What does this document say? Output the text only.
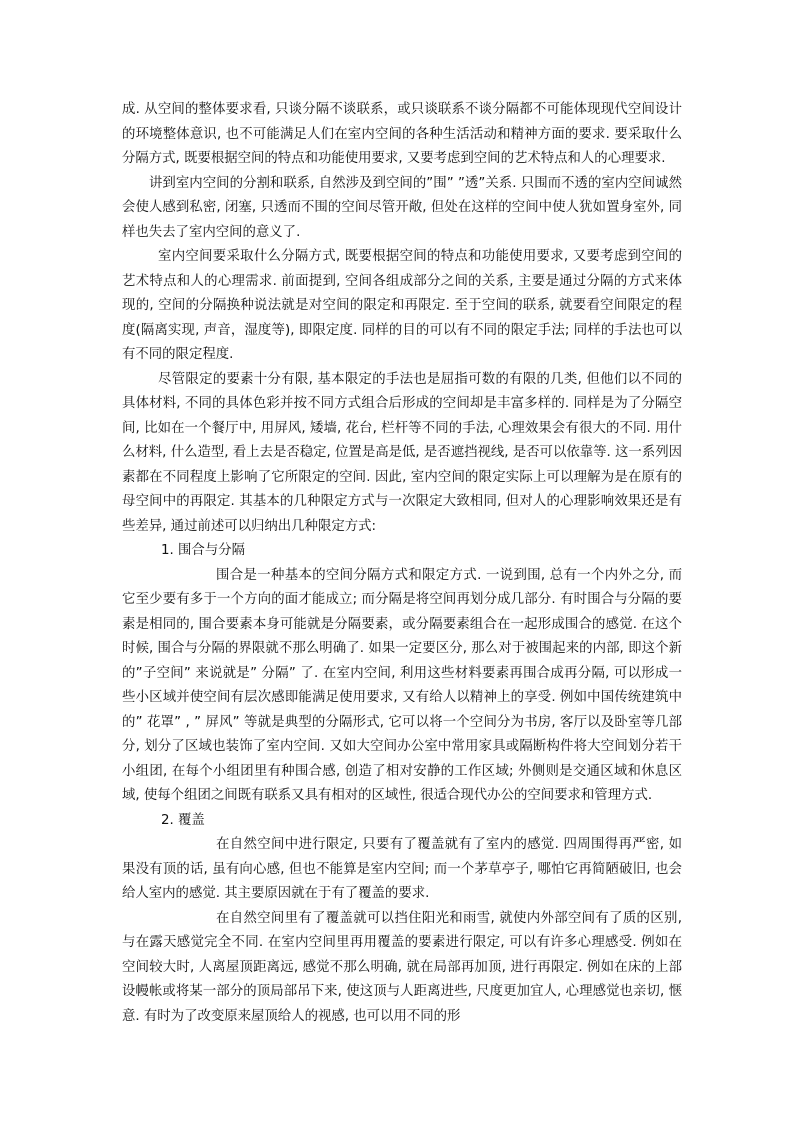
成. 从空间的整体要求看, 只谈分隔不谈联系，或只谈联系不谈分隔都不可能体现现代空间设计的环境整体意识, 也不可能满足人们在室内空间的各种生活活动和精神方面的要求. 要采取什么分隔方式, 既要根据空间的特点和功能使用要求, 又要考虑到空间的艺术特点和人的心理要求.

讲到室内空间的分割和联系, 自然涉及到空间的”围” ”透”关系. 只围而不透的室内空间诚然会使人感到私密, 闭塞, 只透而不围的空间尽管开敞, 但处在这样的空间中使人犹如置身室外, 同样也失去了室内空间的意义了.

室内空间要采取什么分隔方式, 既要根据空间的特点和功能使用要求, 又要考虑到空间的艺术特点和人的心理需求. 前面提到, 空间各组成部分之间的关系, 主要是通过分隔的方式来体现的, 空间的分隔换种说法就是对空间的限定和再限定. 至于空间的联系, 就要看空间限定的程度(隔离实现, 声音，湿度等), 即限定度. 同样的目的可以有不同的限定手法; 同样的手法也可以有不同的限定程度.

尽管限定的要素十分有限, 基本限定的手法也是屈指可数的有限的几类, 但他们以不同的具体材料, 不同的具体色彩并按不同方式组合后形成的空间却是丰富多样的. 同样是为了分隔空间, 比如在一个餐厅中, 用屏风, 矮墙, 花台, 栏杆等不同的手法, 心理效果会有很大的不同. 用什么材料, 什么造型, 看上去是否稳定, 位置是高是低, 是否遮挡视线, 是否可以依靠等. 这一系列因素都在不同程度上影响了它所限定的空间. 因此, 室内空间的限定实际上可以理解为是在原有的母空间中的再限定. 其基本的几种限定方式与一次限定大致相同, 但对人的心理影响效果还是有些差异, 通过前述可以归纳出几种限定方式:

1. 围合与分隔

围合是一种基本的空间分隔方式和限定方式. 一说到围, 总有一个内外之分, 而它至少要有多于一个方向的面才能成立; 而分隔是将空间再划分成几部分. 有时围合与分隔的要素是相同的, 围合要素本身可能就是分隔要素，或分隔要素组合在一起形成围合的感觉. 在这个时候, 围合与分隔的界限就不那么明确了. 如果一定要区分, 那么对于被围起来的内部, 即这个新的”子空间” 来说就是” 分隔” 了. 在室内空间, 利用这些材料要素再围合成再分隔, 可以形成一些小区域并使空间有层次感即能满足使用要求, 又有给人以精神上的享受. 例如中国传统建筑中的” 花罩” , ” 屏风” 等就是典型的分隔形式, 它可以将一个空间分为书房, 客厅以及卧室等几部分, 划分了区域也装饰了室内空间. 又如大空间办公室中常用家具或隔断构件将大空间划分若干小组团, 在每个小组团里有种围合感, 创造了相对安静的工作区域; 外侧则是交通区域和休息区域, 使每个组团之间既有联系又具有相对的区域性, 很适合现代办公的空间要求和管理方式.

2. 覆盖

在自然空间中进行限定, 只要有了覆盖就有了室内的感觉. 四周围得再严密, 如果没有顶的话, 虽有向心感, 但也不能算是室内空间; 而一个茅草亭子, 哪怕它再简陋破旧, 也会给人室内的感觉. 其主要原因就在于有了覆盖的要求.

在自然空间里有了覆盖就可以挡住阳光和雨雪, 就使内外部空间有了质的区别, 与在露天感觉完全不同. 在室内空间里再用覆盖的要素进行限定, 可以有许多心理感受. 例如在空间较大时, 人离屋顶距离远, 感觉不那么明确, 就在局部再加顶, 进行再限定. 例如在床的上部设幔帐或将某一部分的顶局部吊下来, 使这顶与人距离进些, 尺度更加宜人, 心理感觉也亲切, 惬意. 有时为了改变原来屋顶给人的视感, 也可以用不同的形
